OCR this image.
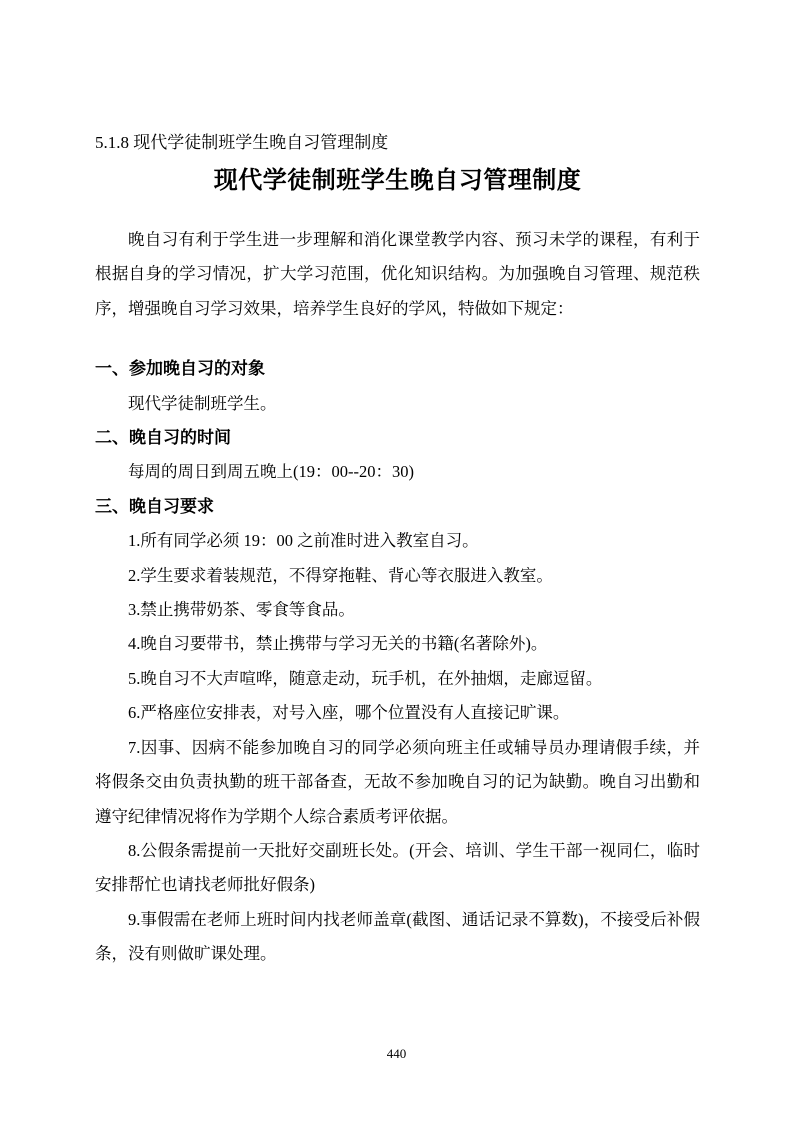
5.1.8 现代学徒制班学生晚自习管理制度
现代学徒制班学生晚自习管理制度

晚自习有利于学生进一步理解和消化课堂教学内容、预习未学的课程，有利于根据自身的学习情况，扩大学习范围，优化知识结构。为加强晚自习管理、规范秩序，增强晚自习学习效果，培养学生良好的学风，特做如下规定：

一、参加晚自习的对象

现代学徒制班学生。

二、晚自习的时间

每周的周日到周五晚上(19：00--20：30)

三、晚自习要求

1.所有同学必须 19：00 之前准时进入教室自习。

2.学生要求着装规范，不得穿拖鞋、背心等衣服进入教室。

3.禁止携带奶茶、零食等食品。

4.晚自习要带书，禁止携带与学习无关的书籍(名著除外)。

5.晚自习不大声喧哗，随意走动，玩手机，在外抽烟，走廊逗留。

6.严格座位安排表，对号入座，哪个位置没有人直接记旷课。

7.因事、因病不能参加晚自习的同学必须向班主任或辅导员办理请假手续，并将假条交由负责执勤的班干部备查，无故不参加晚自习的记为缺勤。晚自习出勤和遵守纪律情况将作为学期个人综合素质考评依据。

8.公假条需提前一天批好交副班长处。(开会、培训、学生干部一视同仁，临时安排帮忙也请找老师批好假条)

9.事假需在老师上班时间内找老师盖章(截图、通话记录不算数)，不接受后补假条，没有则做旷课处理。

440
